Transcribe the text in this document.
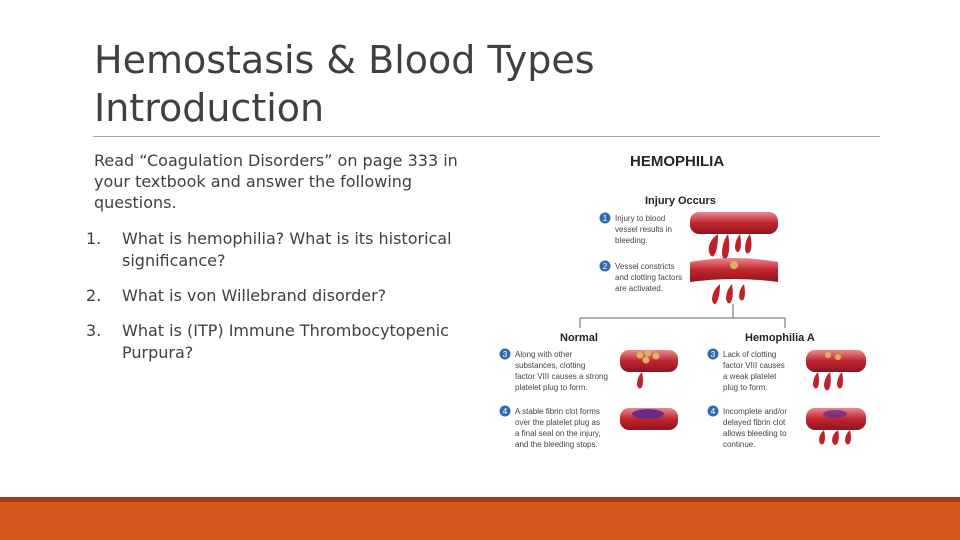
Hemostasis & Blood Types
Introduction
Read “Coagulation Disorders” on page 333 in your textbook and answer the following questions.
1.	What is hemophilia? What is its historical significance?
2.	What is von Willebrand disorder?
3.	What is (ITP) Immune Thrombocytopenic Purpura?
HEMOPHILIA
Injury Occurs
1 Injury to blood
vessel results in
bleeding.
2 Vessel constricts
and clotting factors
are activated.
Normal	Hemophilia A
3 Along with other
substances, clotting
factor VIII causes a strong
platelet plug to form.
4 A stable fibrin clot forms
over the platelet plug as
a final seal on the injury,
and the bleeding stops.
3 Lack of clotting
factor VIII causes
a weak platelet
plug to form.
4 Incomplete and/or
delayed fibrin clot
allows bleeding to
continue.
